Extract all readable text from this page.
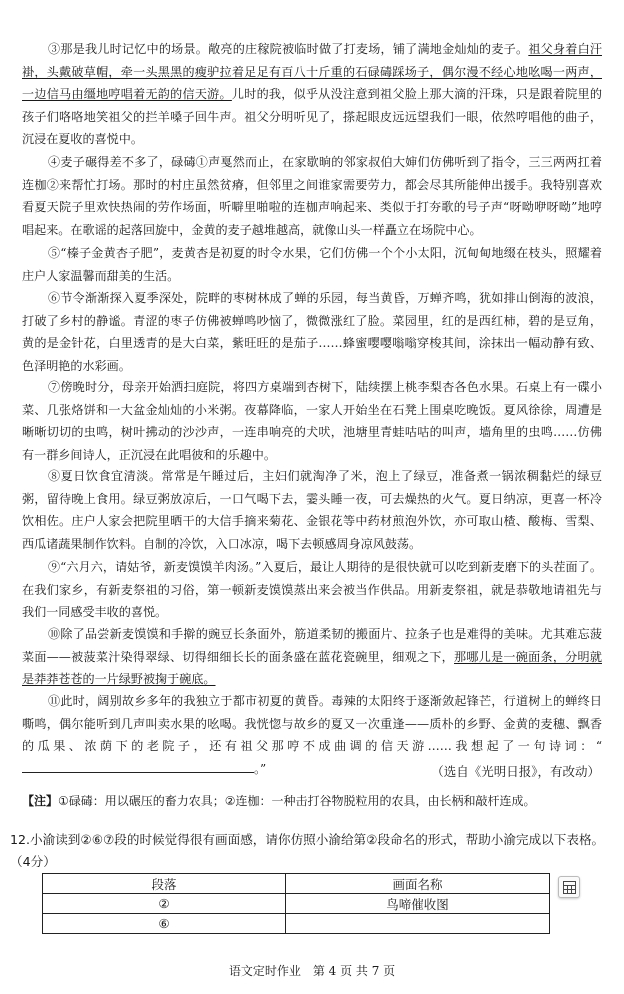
③那是我儿时记忆中的场景。敞亮的庄稼院被临时做了打麦场，铺了满地金灿灿的麦子。祖父身着白汗褂，头戴破草帽，牵一头黑黑的瘦驴拉着足足有百八十斤重的石碌碡踩场子，偶尔漫不经心地吆喝一两声，一边信马由缰地哼唱着无韵的信天游。儿时的我，似乎从没注意到祖父脸上那大滴的汗珠，只是跟着院里的孩子们咯咯地笑祖父的拦羊嗓子回牛声。祖父分明听见了，搽起眼皮远远望我们一眼，依然哼唱他的曲子，沉浸在夏收的喜悦中。

④麦子碾得差不多了，碌碡①声戛然而止，在家歇晌的邻家叔伯大婶们仿佛听到了指令，三三两两扛着连枷②来帮忙打场。那时的村庄虽然贫瘠，但邻里之间谁家需要劳力，都会尽其所能伸出援手。我特别喜欢看夏天院子里欢快热闹的劳作场面，听噼里啪啦的连枷声响起来、类似于打夯歌的号子声“呀呦咿呀呦”地哼唱起来。在歌谣的起落回旋中，金黄的麦子越堆越高，就像山头一样矗立在场院中心。

⑤“榛子金黄杏子肥”，麦黄杏是初夏的时令水果，它们仿佛一个个小太阳，沉甸甸地缀在枝头，照耀着庄户人家温馨而甜美的生活。

⑥节令渐渐探入夏季深处，院畔的枣树林成了蝉的乐园，每当黄昏，万蝉齐鸣，犹如排山倒海的波浪，打破了乡村的静谧。青涩的枣子仿佛被蝉鸣吵恼了，微微涨红了脸。菜园里，红的是西红柿，碧的是豆角，黄的是金针花，白里透青的是大白菜，紫旺旺的是茄子……蜂蜜嘤嘤嗡嗡穿梭其间，涂抹出一幅动静有致、色泽明艳的水彩画。

⑦傍晚时分，母亲开始洒扫庭院，将四方桌端到杏树下，陆续摆上桃李梨杏各色水果。石桌上有一碟小菜、几张烙饼和一大盆金灿灿的小米粥。夜幕降临，一家人开始坐在石凳上围桌吃晚饭。夏风徐徐，周遭是晰晰切切的虫鸣，树叶拂动的沙沙声，一连串响亮的犬吠，池塘里青蛙咕咕的叫声，墙角里的虫鸣……仿佛有一群乡间诗人，正沉浸在此唱彼和的乐趣中。

⑧夏日饮食宜清淡。常常是午睡过后，主妇们就淘净了米，泡上了绿豆，准备煮一锅浓稠黏烂的绿豆粥，留待晚上食用。绿豆粥放凉后，一口气喝下去，霎头睡一夜，可去燥热的火气。夏日纳凉，更喜一杯冷饮相佐。庄户人家会把院里晒干的大信手摘来菊花、金银花等中药材煎泡外饮，亦可取山楂、酸梅、雪梨、西瓜诸蔬果制作饮料。自制的冷饮，入口冰凉，喝下去顿感周身凉风鼓荡。

⑨“六月六，请姑爷，新麦馍馍羊肉汤。”入夏后，最让人期待的是很快就可以吃到新麦磨下的头茬面了。在我们家乡，有新麦祭祖的习俗，第一顿新麦馍馍蒸出来会被当作供品。用新麦祭祖，就是恭敬地请祖先与我们一同感受丰收的喜悦。

⑩除了品尝新麦馍馍和手擀的豌豆长条面外，筋道柔韧的搬面片、拉条子也是难得的美味。尤其难忘菠菜面——被菠菜汁染得翠绿、切得细细长长的面条盛在蓝花瓷碗里，细观之下，那哪儿是一碗面条，分明就是莽莽苍苍的一片绿野被掬于碗底。

⑪此时，阔别故乡多年的我独立于都市初夏的黄昏。毒辣的太阳终于逐渐敛起锋芒，行道树上的蝉终日嘶鸣，偶尔能听到几声叫卖水果的吆喝。我恍惚与故乡的夏又一次重逢——质朴的乡野、金黄的麦穗、飘香的瓜果、浓荫下的老院子，还有祖父那哼不成曲调的信天游……我想起了一句诗词：“。”	（选自《光明日报》，有改动）

【注】①碌碡：用以碾压的畜力农具；②连枷：一种击打谷物脱粒用的农具，由长柄和敲杆连成。

12.小渝读到②⑥⑦段的时候觉得很有画面感，请你仿照小渝给第②段命名的形式，帮助小渝完成以下表格。（4分）

段落	画面名称
②	鸟啼催收图
⑥	
语文定时作业　第 4 页 共 7 页
